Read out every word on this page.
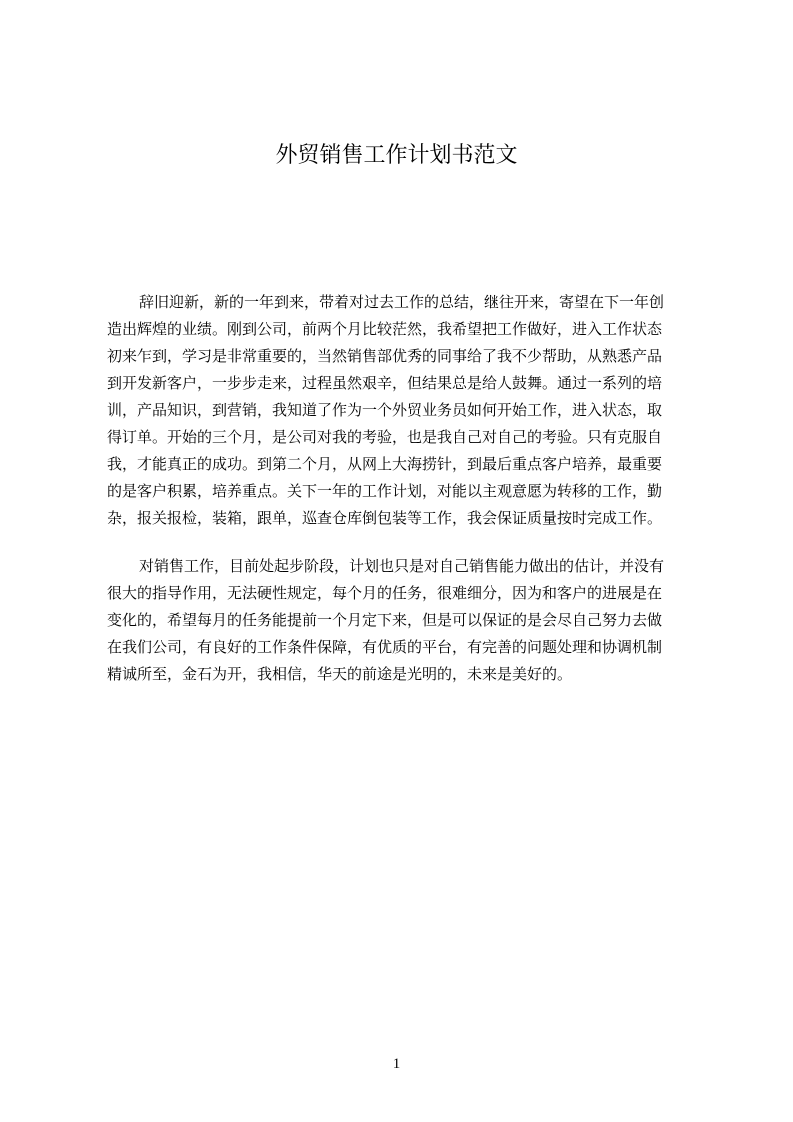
外贸销售工作计划书范文
辞旧迎新，新的一年到来，带着对过去工作的总结，继往开来，寄望在下一年创
造出辉煌的业绩。刚到公司，前两个月比较茫然，我希望把工作做好，进入工作状态
初来乍到，学习是非常重要的，当然销售部优秀的同事给了我不少帮助，从熟悉产品
到开发新客户，一步步走来，过程虽然艰辛，但结果总是给人鼓舞。通过一系列的培
训，产品知识，到营销，我知道了作为一个外贸业务员如何开始工作，进入状态，取
得订单。开始的三个月，是公司对我的考验，也是我自己对自己的考验。只有克服自
我，才能真正的成功。到第二个月，从网上大海捞针，到最后重点客户培养，最重要
的是客户积累，培养重点。关下一年的工作计划，对能以主观意愿为转移的工作，勤
杂，报关报检，装箱，跟单，巡查仓库倒包装等工作，我会保证质量按时完成工作。
对销售工作，目前处起步阶段，计划也只是对自己销售能力做出的估计，并没有
很大的指导作用，无法硬性规定，每个月的任务，很难细分，因为和客户的进展是在
变化的，希望每月的任务能提前一个月定下来，但是可以保证的是会尽自己努力去做
在我们公司，有良好的工作条件保障，有优质的平台，有完善的问题处理和协调机制
精诚所至，金石为开，我相信，华天的前途是光明的，未来是美好的。
1
